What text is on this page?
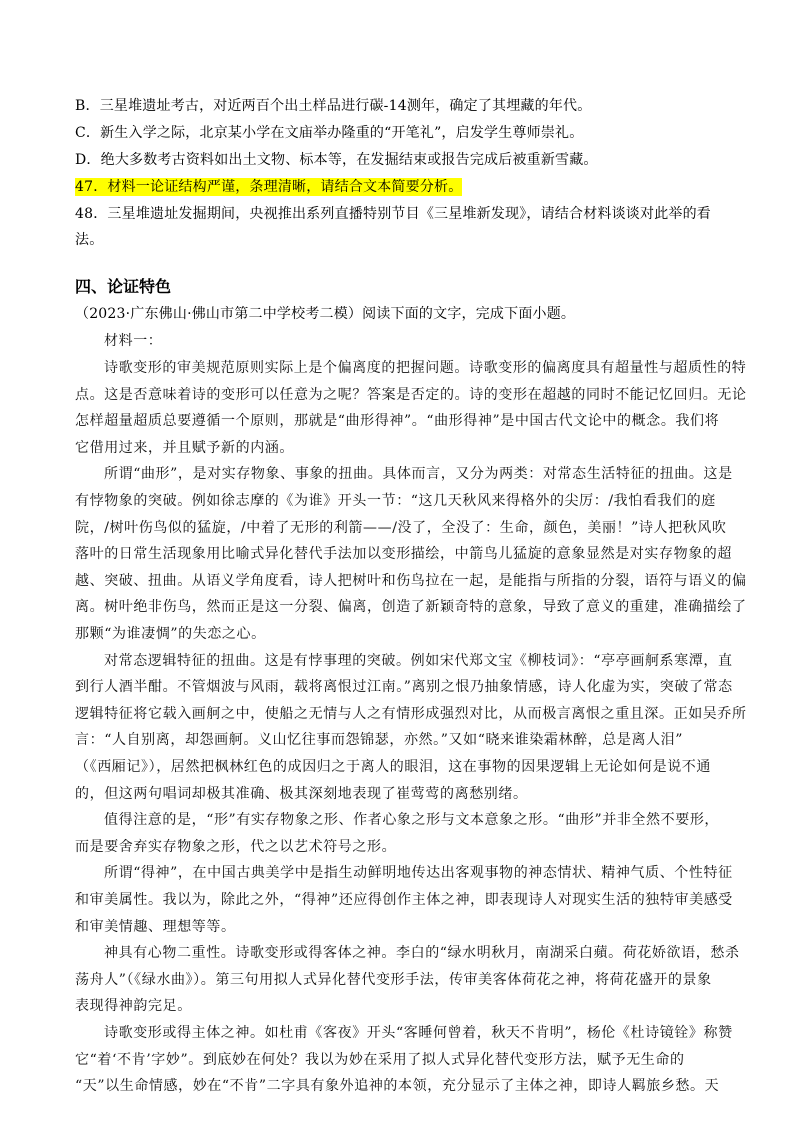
B．三星堆遗址考古，对近两百个出土样品进行碳-14测年，确定了其埋藏的年代。
C．新生入学之际，北京某小学在文庙举办隆重的“开笔礼”，启发学生尊师崇礼。
D．绝大多数考古资料如出土文物、标本等，在发掘结束或报告完成后被重新雪藏。
47．材料一论证结构严谨，条理清晰，请结合文本简要分析。
48．三星堆遗址发掘期间，央视推出系列直播特别节目《三星堆新发现》，请结合材料谈谈对此举的看
法。
四、论证特色
（2023·广东佛山·佛山市第二中学校考二模）阅读下面的文字，完成下面小题。
材料一：
诗歌变形的审美规范原则实际上是个偏离度的把握问题。诗歌变形的偏离度具有超量性与超质性的特
点。这是否意味着诗的变形可以任意为之呢？答案是否定的。诗的变形在超越的同时不能记忆回归。无论
怎样超量超质总要遵循一个原则，那就是“曲形得神”。“曲形得神”是中国古代文论中的概念。我们将
它借用过来，并且赋予新的内涵。
所谓“曲形”，是对实存物象、事象的扭曲。具体而言，又分为两类：对常态生活特征的扭曲。这是
有悖物象的突破。例如徐志摩的《为谁》开头一节：“这几天秋风来得格外的尖厉：/我怕看我们的庭
院，/树叶伤鸟似的猛旋，/中着了无形的利箭——/没了，全没了：生命，颜色，美丽！”诗人把秋风吹
落叶的日常生活现象用比喻式异化替代手法加以变形描绘，中箭鸟儿猛旋的意象显然是对实存物象的超
越、突破、扭曲。从语义学角度看，诗人把树叶和伤鸟拉在一起，是能指与所指的分裂，语符与语义的偏
离。树叶绝非伤鸟，然而正是这一分裂、偏离，创造了新颖奇特的意象，导致了意义的重建，准确描绘了
那颗“为谁凄惆”的失恋之心。
对常态逻辑特征的扭曲。这是有悖事理的突破。例如宋代郑文宝《柳枝词》：“亭亭画舸系寒潭，直
到行人酒半酣。不管烟波与风雨，载将离恨过江南。”离别之恨乃抽象情感，诗人化虚为实，突破了常态
逻辑特征将它载入画舸之中，使船之无情与人之有情形成强烈对比，从而极言离恨之重且深。正如吴乔所
言：“人自别离，却怨画舸。义山忆往事而怨锦瑟，亦然。”又如“晓来谁染霜林醉，总是离人泪”
（《西厢记》），居然把枫林红色的成因归之于离人的眼泪，这在事物的因果逻辑上无论如何是说不通
的，但这两句唱词却极其准确、极其深刻地表现了崔莺莺的离愁别绪。
值得注意的是，“形”有实存物象之形、作者心象之形与文本意象之形。“曲形”并非全然不要形，
而是要舍弃实存物象之形，代之以艺术符号之形。
所谓“得神”，在中国古典美学中是指生动鲜明地传达出客观事物的神态情状、精神气质、个性特征
和审美属性。我以为，除此之外，“得神”还应得创作主体之神，即表现诗人对现实生活的独特审美感受
和审美情趣、理想等等。
神具有心物二重性。诗歌变形或得客体之神。李白的“绿水明秋月，南湖采白蘋。荷花娇欲语，愁杀
荡舟人”（《绿水曲》）。第三句用拟人式异化替代变形手法，传审美客体荷花之神，将荷花盛开的景象
表现得神韵完足。
诗歌变形或得主体之神。如杜甫《客夜》开头“客睡何曾着，秋天不肯明”，杨伦《杜诗镜铨》称赞
它“着‘不肯’字妙”。到底妙在何处？我以为妙在采用了拟人式异化替代变形方法，赋予无生命的
“天”以生命情感，妙在“不肯”二字具有象外追神的本领，充分显示了主体之神，即诗人羁旅乡愁。天
